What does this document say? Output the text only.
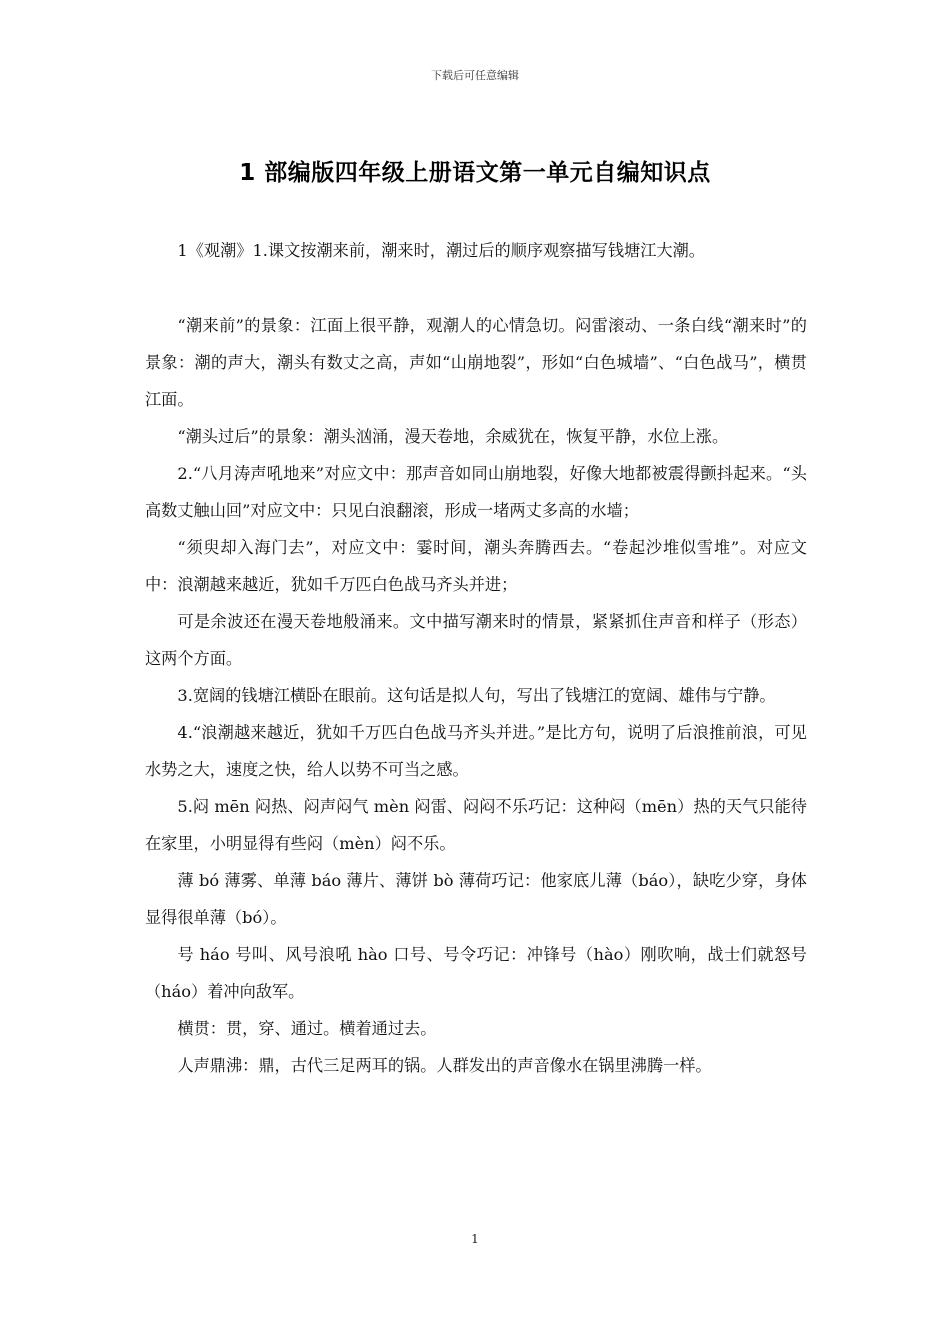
下载后可任意编辑
1 部编版四年级上册语文第一单元自编知识点

1《观潮》1.课文按潮来前，潮来时，潮过后的顺序观察描写钱塘江大潮。

“潮来前”的景象：江面上很平静，观潮人的心情急切。闷雷滚动、一条白线“潮来时”的景象：潮的声大，潮头有数丈之高，声如“山崩地裂”，形如“白色城墙”、“白色战马”，横贯江面。

“潮头过后”的景象：潮头汹涌，漫天卷地，余威犹在，恢复平静，水位上涨。

2.“八月涛声吼地来”对应文中：那声音如同山崩地裂，好像大地都被震得颤抖起来。“头高数丈触山回”对应文中：只见白浪翻滚，形成一堵两丈多高的水墙；

“须臾却入海门去”，对应文中：霎时间，潮头奔腾西去。“卷起沙堆似雪堆”。对应文中：浪潮越来越近，犹如千万匹白色战马齐头并进；

可是余波还在漫天卷地般涌来。文中描写潮来时的情景，紧紧抓住声音和样子（形态）这两个方面。

3.宽阔的钱塘江横卧在眼前。这句话是拟人句，写出了钱塘江的宽阔、雄伟与宁静。

4.“浪潮越来越近，犹如千万匹白色战马齐头并进。”是比方句，说明了后浪推前浪，可见水势之大，速度之快，给人以势不可当之感。

5.闷 mēn 闷热、闷声闷气 mèn 闷雷、闷闷不乐巧记：这种闷（mēn）热的天气只能待在家里，小明显得有些闷（mèn）闷不乐。

薄 bó 薄雾、单薄 báo 薄片、薄饼 bò 薄荷巧记：他家底儿薄（báo），缺吃少穿，身体显得很单薄（bó）。

号 háo 号叫、风号浪吼 hào 口号、号令巧记：冲锋号（hào）刚吹响，战士们就怒号（háo）着冲向敌军。

横贯：贯，穿、通过。横着通过去。

人声鼎沸：鼎，古代三足两耳的锅。人群发出的声音像水在锅里沸腾一样。

1
